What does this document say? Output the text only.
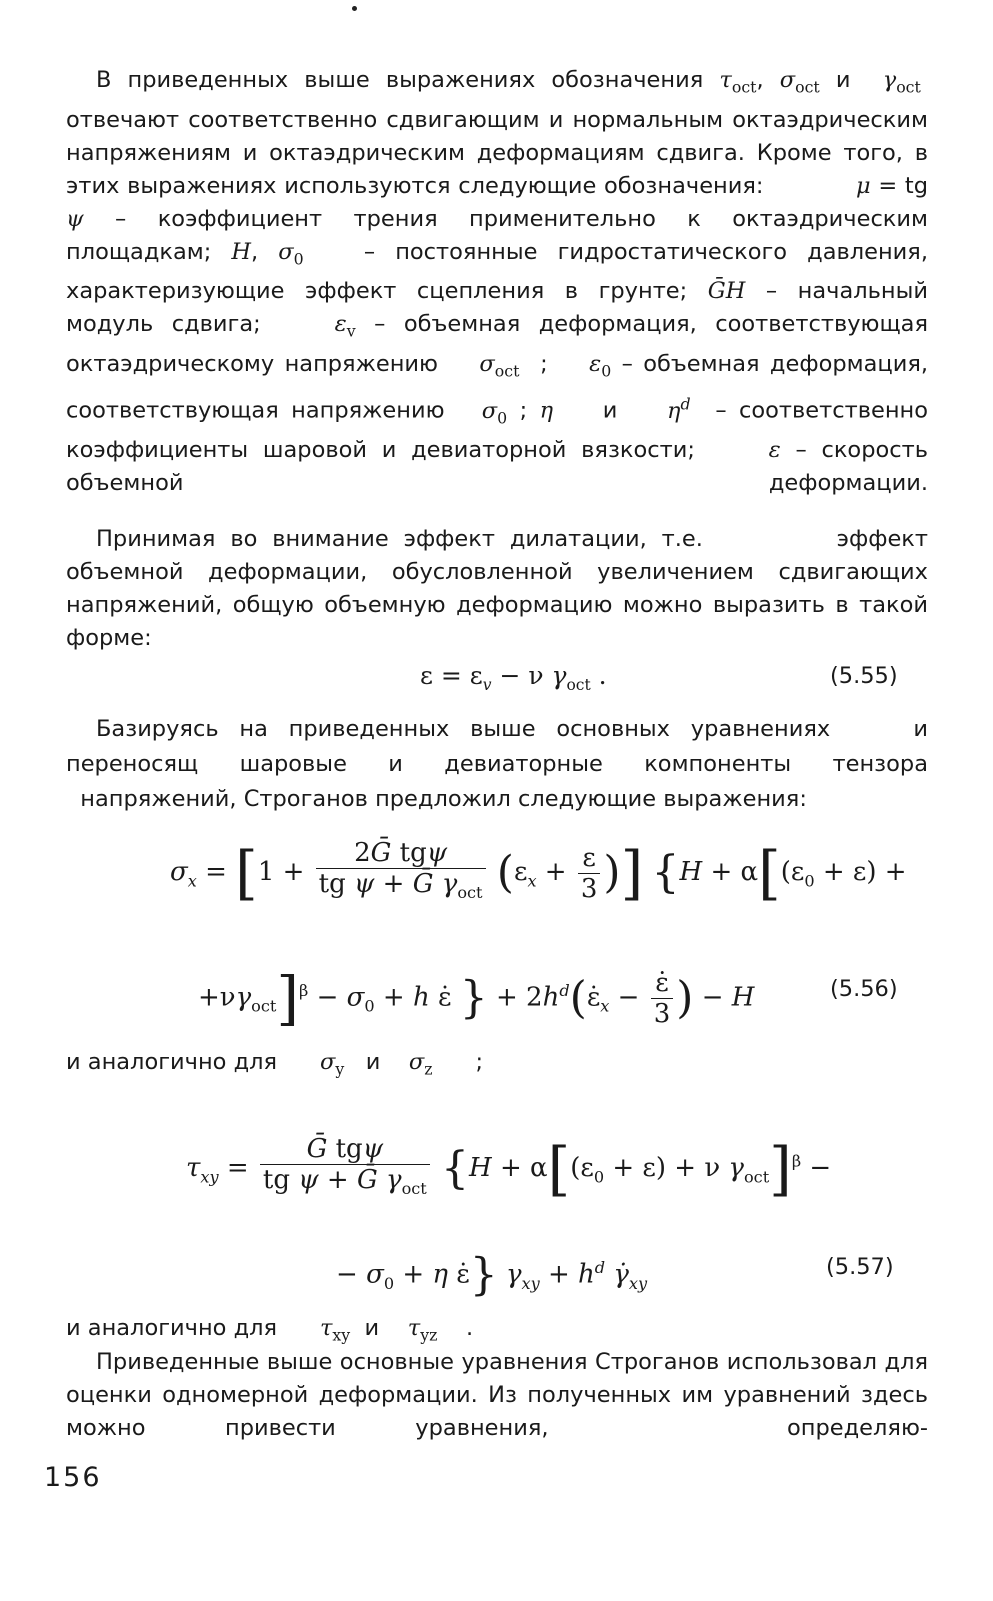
В приведенных выше выражениях обозначения $\tau_{oct}$, $\sigma_{oct}$ и  $\gamma_{oct}$  отвечают соответственно сдвигающим и нормальным октаэдрическим напряжениям и октаэдрическим деформациям сдвига. Кроме того, в этих выражениях используются следующие обозначения:            μ = tg ψ – коэффициент трения применительно к октаэдрическим площадкам; H, $\sigma_0$   – постоянные гидростатического давления, характеризующие эффект сцепления в грунте; ḠH – начальный модуль сдвига;    $\varepsilon_v$ – объемная деформация, соответствующая октаэдрическому напряжению    $\sigma_{oct}$  ;    $\varepsilon_0$ – объемная деформация, соответствующая напряжению   $\sigma_0$ ; η    и    $\eta^d$  – соответственно коэффициенты шаровой и девиаторной вязкости;     ε – скорость объемной деформации.

Принимая во внимание эффект дилатации, т.е.         эффект объемной деформации, обусловленной увеличением сдвигающих напряжений, общую объемную деформацию можно выразить в такой форме:

$\varepsilon = \varepsilon_v - \nu$ $\gamma_{oct}$ .	(5.55)

Базируясь на приведенных выше основных уравнениях    и переносящ шаровые и девиаторные компоненты тензора   напряжений, Строганов предложил следующие выражения:

$\sigma_x = [1 + \frac{\text{2Ḡ tgψ}}{tg \psi + Ḡ \gamma_{oct}} (\varepsilon_x + \frac{\varepsilon}{3}$ )] {$H + \alpha[(\varepsilon_0 + \varepsilon)$ +
$+\nu\gamma_{oct}]^\beta - \sigma_0 + h$ ε̇ } + $2h^d(\varepsiloṅ_x - \frac{\varepsiloṅ}{3}$ ) − H	(5.56)

и аналогично для      $\sigma_y$   и    $\sigma_z$      ;

$\tau_{xy} = \frac{\text{Ḡ tgψ}}{tg \psi + Ḡ \gamma_{oct}} \{H + \alpha[(\varepsilon_0 + \varepsilon) + \nu$ $\gamma_{oct}]^\beta$ −
− $\sigma_0 + \eta$ ε̇} $\gamma_{xy} + h^d$ $\gammȧ_{xy}$
(5.57)

и аналогично для      $\tau_{xy}$  и    $\tau_{yz}$    .

Приведенные выше основные уравнения Строганов использовал для оценки одномерной деформации. Из полученных им уравнений здесь можно привести уравнения,   определяю-

156
